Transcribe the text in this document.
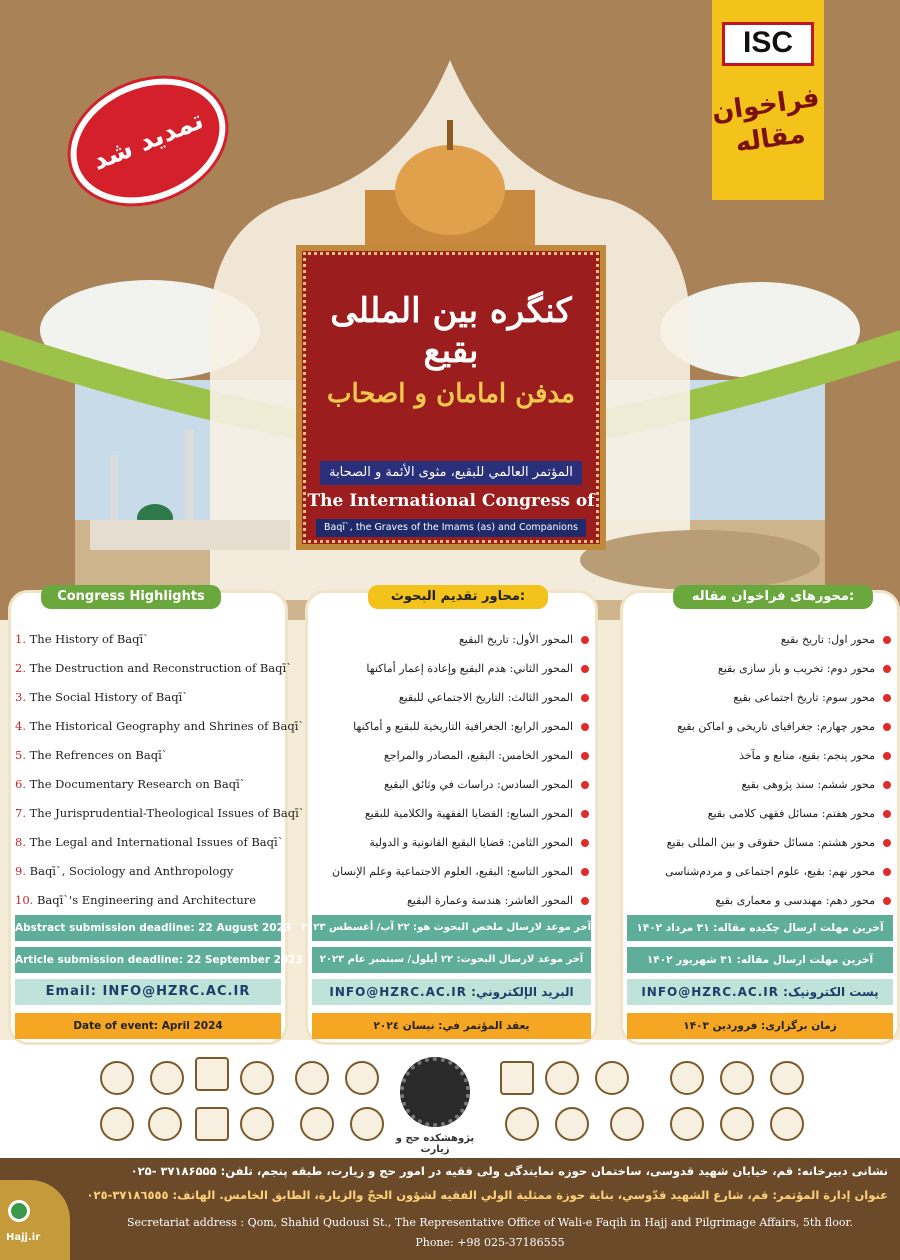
ISC
فراخوان مقاله
تمدید شد
کنگره بین المللی بقیع
مدفن امامان و اصحاب
المؤتمر العالمي للبقيع، مثوى الأئمة و الصحابة
The International Congress of
Baqī`, the Graves of the Imams (as) and Companions
Congress Highlights
1. The History of Baqī`
2. The Destruction and Reconstruction of Baqī`
3. The Social History of Baqī`
4. The Historical Geography and Shrines of Baqī`
5. The Refrences on Baqī`
6. The Documentary Research on Baqī`
7. The Jurisprudential-Theological Issues of Baqī`
8. The Legal and International Issues of Baqī`
9. Baqī`, Sociology and Anthropology
10. Baqī`'s Engineering and Architecture
Abstract submission deadline: 22 August 2023
Article submission deadline: 22 September 2023
Email: INFO@HZRC.AC.IR
Date of event: April 2024
محاور تقديم البحوث:
المحور الأول: تاريخ البقيع
المحور الثاني: هدم البقيع وإعادة إعمار أماكنها
المحور الثالث: التاريخ الاجتماعي للبقيع
المحور الرابع: الجغرافية التاريخية للبقيع و أماكنها
المحور الخامس: البقيع، المصادر والمراجع
المحور السادس: دراسات في وثائق البقيع
المحور السابع: القضايا الفقهية والكلامية للبقيع
المحور الثامن: قضايا البقيع القانونية و الدولية
المحور التاسع: البقيع، العلوم الاجتماعية وعلم الإنسان
المحور العاشر: هندسة وعمارة البقيع
آخر موعد لارسال ملخص البحوث هو: ٢٢ آب/ أغسطس ٢٠٢٣
آخر موعد لارسال البحوث: ٢٢ أيلول/ سبتمبر عام ٢٠٢٣
البريد الإلكتروني: INFO@HZRC.AC.IR
يعقد المؤتمر في: نيسان ٢٠٢٤
محورهای فراخوان مقاله:
محور اول: تاریخ بقیع
محور دوم: تخریب و باز سازی بقیع
محور سوم: تاریخ اجتماعی بقیع
محور چهارم: جغرافیای تاریخی و اماکن بقیع
محور پنجم: بقیع، منابع و مآخذ
محور ششم: سند پژوهی بقیع
محور هفتم: مسائل فقهی کلامی بقیع
محور هشتم: مسائل حقوقی و بین المللی بقیع
محور نهم: بقیع، علوم اجتماعی و مردم‌شناسی
محور دهم: مهندسی و معماری بقیع
آخرین مهلت ارسال چکیده مقاله: ۳۱ مرداد ۱۴۰۲
آخرین مهلت ارسال مقاله: ۳۱ شهریور ۱۴۰۲
پست الکترونیک: INFO@HZRC.AC.IR
زمان برگزاری: فروردین ۱۴۰۳
پژوهشکده حج و زیارت
نشانی دبیرخانه: قم، خیابان شهید قدوسی، ساختمان حوزه نمایندگی ولی فقیه در امور حج و زیارت، طبقه پنجم، تلفن: ۳۷۱۸۶۵۵۵ -۰۲۵
عنوان إدارة المؤتمر: قم، شارع الشهيد قدّوسي، بناية حوزة ممثلية الولي الفقيه لشؤون الحجّ والزيارة، الطابق الخامس. الهاتف: ٣٧١٨٦٥٥٥-٠٢٥
Secretariat address : Qom, Shahid Qudousi St., The Representative Office of Wali-e Faqih in Hajj and Pilgrimage Affairs, 5th floor.
Phone: +98 025-37186555
Hajj.ir
